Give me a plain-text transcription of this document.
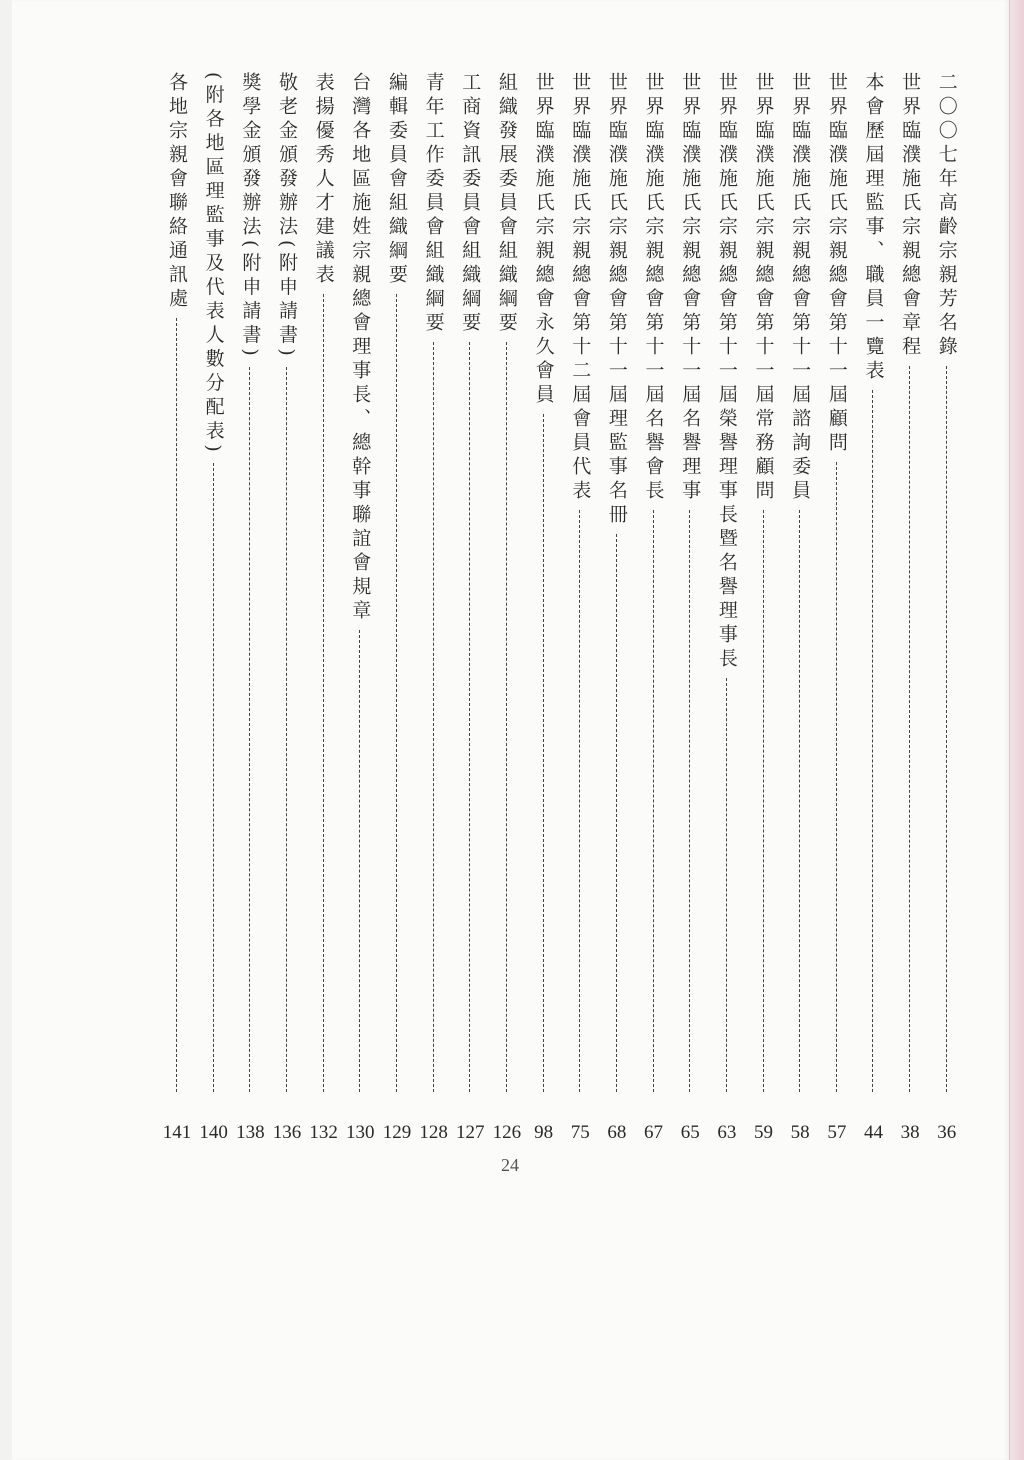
二〇〇七年高齡宗親芳名錄
36
世界臨濮施氏宗親總會章程
38
本會歷屆理監事、職員一覽表
44
世界臨濮施氏宗親總會第十一屆顧問
57
世界臨濮施氏宗親總會第十一屆諮詢委員
58
世界臨濮施氏宗親總會第十一屆常務顧問
59
世界臨濮施氏宗親總會第十一屆榮譽理事長暨名譽理事長
63
世界臨濮施氏宗親總會第十一屆名譽理事
65
世界臨濮施氏宗親總會第十一屆名譽會長
67
世界臨濮施氏宗親總會第十一屆理監事名冊
68
世界臨濮施氏宗親總會第十二屆會員代表
75
世界臨濮施氏宗親總會永久會員
98
組織發展委員會組織綱要
126
工商資訊委員會組織綱要
127
青年工作委員會組織綱要
128
編輯委員會組織綱要
129
台灣各地區施姓宗親總會理事長、總幹事聯誼會規章
130
表揚優秀人才建議表
132
敬老金頒發辦法(附申請書)
136
獎學金頒發辦法(附申請書)
138
(附各地區理監事及代表人數分配表)
140
各地宗親會聯絡通訊處
141
24
